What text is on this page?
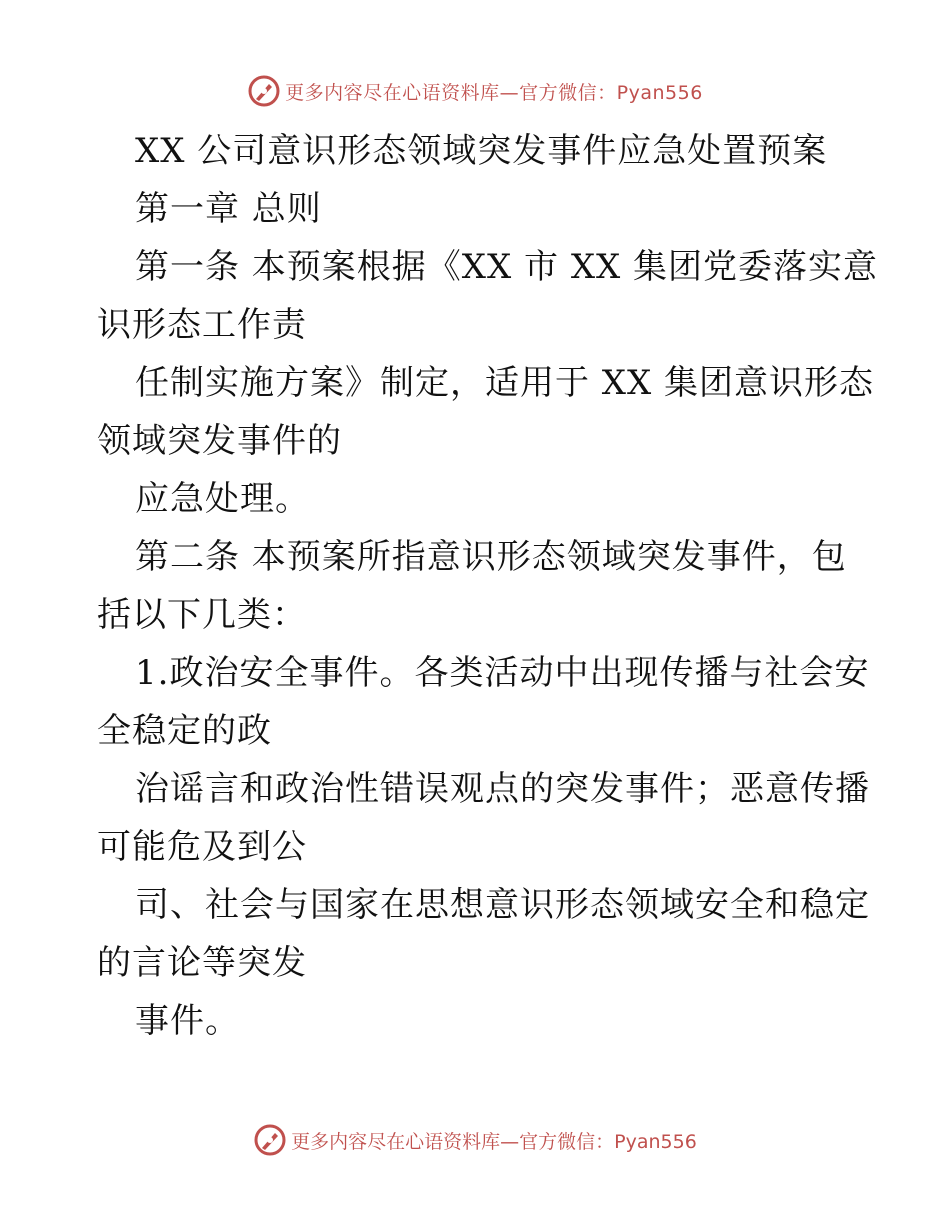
更多内容尽在心语资料库—官方微信：Pyan556
XX 公司意识形态领域突发事件应急处置预案
第一章 总则
第一条 本预案根据《XX 市 XX 集团党委落实意
识形态工作责
任制实施方案》制定，适用于 XX 集团意识形态
领域突发事件的
应急处理。
第二条 本预案所指意识形态领域突发事件，包
括以下几类：
1.政治安全事件。各类活动中出现传播与社会安
全稳定的政
治谣言和政治性错误观点的突发事件；恶意传播
可能危及到公
司、社会与国家在思想意识形态领域安全和稳定
的言论等突发
事件。
更多内容尽在心语资料库—官方微信：Pyan556
